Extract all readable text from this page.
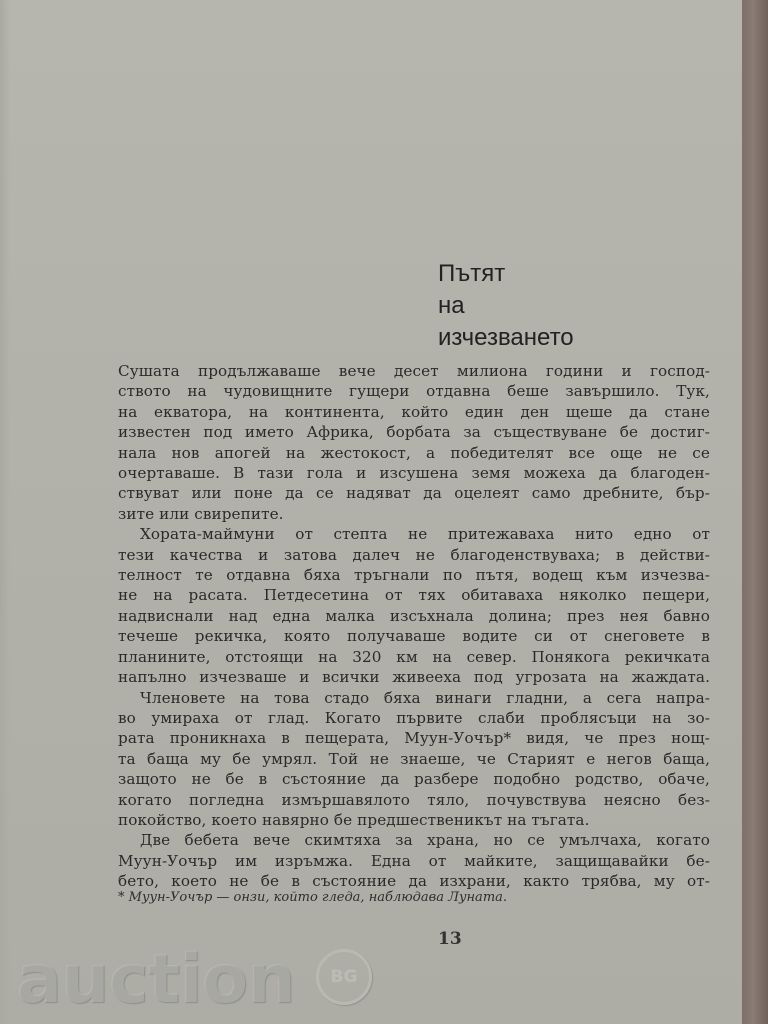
Пътят
на
изчезването
Сушата продължаваше вече десет милиона години и господ-
ството на чудовищните гущери отдавна беше завършило. Тук,
на екватора, на континента, който един ден щеше да стане
известен под името Африка, борбата за съществуване бе достиг-
нала нов апогей на жестокост, а победителят все още не се
очертаваше. В тази гола и изсушена земя можеха да благоден-
ствуват или поне да се надяват да оцелеят само дребните, бър-
зите или свирепите.
Хората-маймуни от степта не притежаваха нито едно от
тези качества и затова далеч не благоденствуваха; в действи-
телност те отдавна бяха тръгнали по пътя, водещ към изчезва-
не на расата. Петдесетина от тях обитаваха няколко пещери,
надвиснали над една малка изсъхнала долина; през нея бавно
течеше рекичка, която получаваше водите си от снеговете в
планините, отстоящи на 320 км на север. Понякога рекичката
напълно изчезваше и всички живееха под угрозата на жаждата.
Членовете на това стадо бяха винаги гладни, а сега напра-
во умираха от глад. Когато първите слаби проблясъци на зо-
рата проникнаха в пещерата, Муун-Уочър* видя, че през нощ-
та баща му бе умрял. Той не знаеше, че Старият е негов баща,
защото не бе в състояние да разбере подобно родство, обаче,
когато погледна измършавялото тяло, почувствува неясно без-
покойство, което навярно бе предшественикът на тъгата.
Две бебета вече скимтяха за храна, но се умълчаха, когато
Муун-Уочър им изръмжа. Една от майките, защищавайки бе-
бето, което не бе в състояние да изхрани, както трябва, му от-
* Муун-Уочър — онзи, който гледа, наблюдава Луната.
13
auction	BG
